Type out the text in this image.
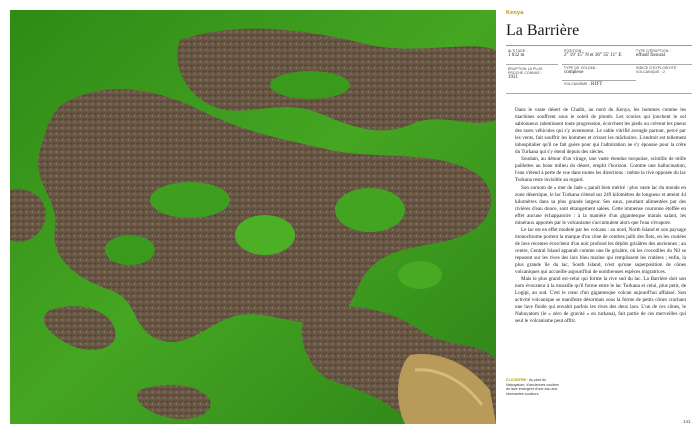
Kenya
La Barrière
ALTITUDE :
1 032 m
POSITION :
2° 19' 15" N et 36° 35' 11" E
TYPE D'ÉRUPTION :
effusif fissural
TYPE DE VOLCAN :
complexe
ÉRUPTION LA PLUS PROCHE CONNUE :
1921
INDICE D'EXPLOSIVITÉ VOLCANIQUE : 2
VOLCANISME : RIFT

Dans le vaste désert de Chalbi, au nord du Kenya, les hommes comme les machines souffrent sous le soleil de plomb. Les scories qui jonchent le sol sablonneux ralentissent toute progression, écorchent les pieds ou crèvent les pneus des rares véhicules qui s'y aventurent. Le sable vitrifié aveugle partout, percé par les vents, fait souffrir les hommes et crisser les mâchoires. L'endroit est tellement inhospitalier qu'il ne fait guère pour qui l'admiration ne s'y épousse pour la crête du Turkana qui s'y étend depuis des siècles.

Soudain, au détour d'un virage, une vaste étendue turquoise, scintille de mille paillettes au beau milieu du désert, emplit l'horizon. Comme une hallucination, l'eau s'étend à perte de vue dans toutes les directions : même la rive opposée du lac Turkana reste invisible au regard.

Son surnom de « mer de Jade » paraît bien mérité : plus vaste lac du monde en zone désertique, le lac Turkana s'étend sur 249 kilomètres de longueur et atteint 44 kilomètres dans sa plus grande largeur. Ses eaux, pourtant alimentées par des rivières d'eau douce, sont étrangement salées. Cette immense couronne étoffée en effet aucune échappatoire : à la manière d'un gigantesque marais salant, les minéraux apportés par le volcanisme s'accumulent alors que l'eau s'évapore.

Le lac est en effet modelé par les volcans : au nord, North Island et son paysage monochrome portent la marque d'un cône de cendres jailli des flots, en les coulées de lave récentes écorchent d'un noir profond les dépôts grisâtres des anciennes ; au centre, Central Island apparaît comme une île grisâtre, où les crocodiles du Nil se reposent sur les rives des lacs bleu marine qui remplissent les cratères ; enfin, la plus grande île du lac, South Island, n'est qu'une superposition de cônes volcaniques qui accueille aujourd'hui de nombreuses espèces migratrices.

Mais le plus grand est-celui qui forme la rive sud du lac. La Barrière doit son nom évocateur à la muraille qu'il forme entre le lac Turkana et celui, plus petit, de Logipi, au sud. C'est le cœur d'un gigantesque volcan aujourd'hui affaissé. Son activité volcanique se manifeste désormais sous la forme de petits cônes crachant une lave fluide qui envahit parfois les rives des deux lacs. L'un de ces cônes, le Nabuyatom (le « zéro de gravité » en turkana), fait partie de ces merveilles qui seul le volcanisme peut offrir.

CI-CONTRE : Au pied du Nabuyatom, d'anciennes coulées de lave émergent d'une eau aux étonnantes couleurs.
141
